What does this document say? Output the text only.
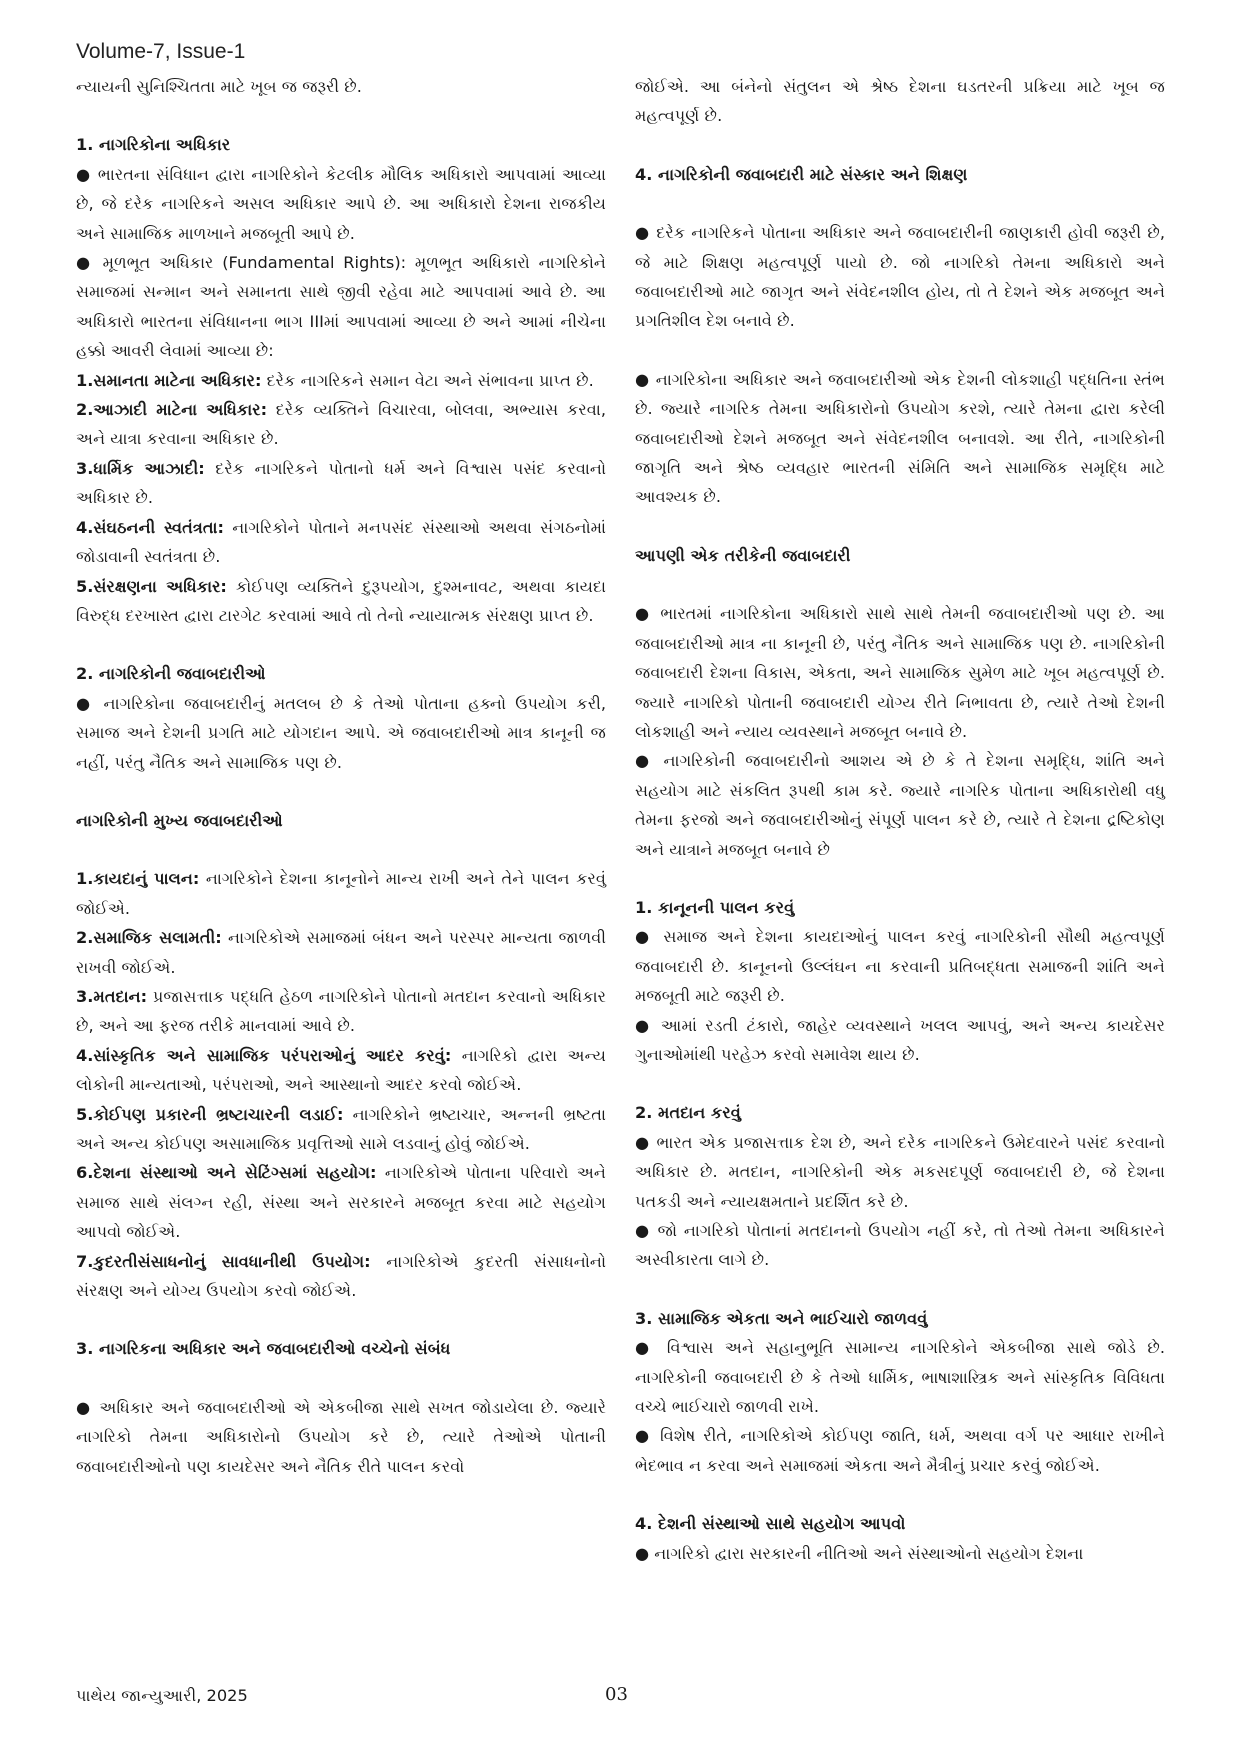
Volume-7, Issue-1

ન્યાયની સુનિશ્ચિતતા માટે ખૂબ જ જરૂરી છે.

1. નાગરિકોના અધિકાર

● ભારતના સંવિધાન દ્વારા નાગરિકોને કેટલીક મૌલિક અધિકારો આપવામાં આવ્યા છે, જે દરેક નાગરિકને અસલ અધિકાર આપે છે. આ અધિકારો દેશના રાજકીય અને સામાજિક માળખાને મજબૂતી આપે છે.

● મૂળભૂત અધિકાર (Fundamental Rights): મૂળભૂત અધિકારો નાગરિકોને સમાજમાં સન્માન અને સમાનતા સાથે જીવી રહેવા માટે આપવામાં આવે છે. આ અધિકારો ભારતના સંવિધાનના ભાગ IIIમાં આપવામાં આવ્યા છે અને આમાં નીચેના હક્કો આવરી લેવામાં આવ્યા છે:

1.સમાનતા માટેના અધિકાર: દરેક નાગરિકને સમાન વેટા અને સંભાવના પ્રાપ્ત છે.

2.આઝાદી માટેના અધિકાર: દરેક વ્યક્તિને વિચારવા, બોલવા, અભ્યાસ કરવા, અને યાત્રા કરવાના અધિકાર છે.

3.ધાર્મિક આઝાદી: દરેક નાગરિકને પોતાનો ધર્મ અને વિશ્વાસ પસંદ કરવાનો અધિકાર છે.

4.સંઘઠનની સ્વતંત્રતા: નાગરિકોને પોતાને મનપસંદ સંસ્થાઓ અથવા સંગઠનોમાં જોડાવાની સ્વતંત્રતા છે.

5.સંરક્ષણના અધિકાર: કોઈપણ વ્યક્તિને દુરૂપયોગ, દુશ્મનાવટ, અથવા કાયદા વિરુદ્ધ દરખાસ્ત દ્વારા ટારગેટ કરવામાં આવે તો તેનો ન્યાયાત્મક સંરક્ષણ પ્રાપ્ત છે.

2. નાગરિકોની જવાબદારીઓ

● નાગરિકોના જવાબદારીનું મતલબ છે કે તેઓ પોતાના હક્નો ઉપયોગ કરી, સમાજ અને દેશની પ્રગતિ માટે યોગદાન આપે. એ જવાબદારીઓ માત્ર કાનૂની જ નહીં, પરંતુ નૈતિક અને સામાજિક પણ છે.

નાગરિકોની મુખ્ય જવાબદારીઓ

1.કાયદાનું પાલન: નાગરિકોને દેશના કાનૂનોને માન્ય રાખી અને તેને પાલન કરવું જોઈએ.

2.સમાજિક સલામતી: નાગરિકોએ સમાજમાં બંધન અને પરસ્પર માન્યતા જાળવી રાખવી જોઈએ.

3.મતદાન: પ્રજાસત્તાક પદ્ધતિ હેઠળ નાગરિકોને પોતાનો મતદાન કરવાનો અધિકાર છે, અને આ ફરજ તરીકે માનવામાં આવે છે.

4.સાંસ્કૃતિક અને સામાજિક પરંપરાઓનું આદર કરવું: નાગરિકો દ્વારા અન્ય લોકોની માન્યતાઓ, પરંપરાઓ, અને આસ્થાનો આદર કરવો જોઈએ.

5.કોઈપણ પ્રકારની ભ્રષ્ટાચારની લડાઈ: નાગરિકોને ભ્રષ્ટાચાર, અન્નની ભ્રષ્ટતા અને અન્ય કોઈપણ અસામાજિક પ્રવૃત્તિઓ સામે લડવાનું હોવું જોઈએ.

6.દેશના સંસ્થાઓ અને સેટિંગ્સમાં સહયોગ: નાગરિકોએ પોતાના પરિવારો અને સમાજ સાથે સંલગ્ન રહી, સંસ્થા અને સરકારને મજબૂત કરવા માટે સહયોગ આપવો જોઈએ.

7.કુદરતીસંસાધનોનું સાવધાનીથી ઉપયોગ: નાગરિકોએ કુદરતી સંસાધનોનો સંરક્ષણ અને યોગ્ય ઉપયોગ કરવો જોઈએ.

3. નાગરિકના અધિકાર અને જવાબદારીઓ વચ્ચેનો સંબંધ

● અધિકાર અને જવાબદારીઓ એ એકબીજા સાથે સખત જોડાયેલા છે. જ્યારે નાગરિકો તેમના અધિકારોનો ઉપયોગ કરે છે, ત્યારે તેઓએ પોતાની જવાબદારીઓનો પણ કાયદેસર અને નૈતિક રીતે પાલન કરવો

જોઈએ. આ બંનેનો સંતુલન એ શ્રેષ્ઠ દેશના ઘડતરની પ્રક્રિયા માટે ખૂબ જ મહત્વપૂર્ણ છે.

4. નાગરિકોની જવાબદારી માટે સંસ્કાર અને શિક્ષણ

● દરેક નાગરિકને પોતાના અધિકાર અને જવાબદારીની જાણકારી હોવી જરૂરી છે, જે માટે શિક્ષણ મહત્વપૂર્ણ પાયો છે. જો નાગરિકો તેમના અધિકારો અને જવાબદારીઓ માટે જાગૃત અને સંવેદનશીલ હોય, તો તે દેશને એક મજબૂત અને પ્રગતિશીલ દેશ બનાવે છે.

● નાગરિકોના અધિકાર અને જવાબદારીઓ એક દેશની લોકશાહી પદ્ધતિના સ્તંભ છે. જ્યારે નાગરિક તેમના અધિકારોનો ઉપયોગ કરશે, ત્યારે તેમના દ્વારા કરેલી જવાબદારીઓ દેશને મજબૂત અને સંવેદનશીલ બનાવશે. આ રીતે, નાગરિકોની જાગૃતિ અને શ્રેષ્ઠ વ્યવહાર ભારતની સંમિતિ અને સામાજિક સમૃદ્ધિ માટે આવશ્યક છે.

આપણી એક તરીકેની જવાબદારી

● ભારતમાં નાગરિકોના અધિકારો સાથે સાથે તેમની જવાબદારીઓ પણ છે. આ જવાબદારીઓ માત્ર ના કાનૂની છે, પરંતુ નૈતિક અને સામાજિક પણ છે. નાગરિકોની જવાબદારી દેશના વિકાસ, એકતા, અને સામાજિક સુમેળ માટે ખૂબ મહત્વપૂર્ણ છે. જ્યારે નાગરિકો પોતાની જવાબદારી યોગ્ય રીતે નિભાવતા છે, ત્યારે તેઓ દેશની લોકશાહી અને ન્યાય વ્યવસ્થાને મજબૂત બનાવે છે.

● નાગરિકોની જવાબદારીનો આશય એ છે કે તે દેશના સમૃદ્ધિ, શાંતિ અને સહયોગ માટે સંકલિત રૂપથી કામ કરે. જ્યારે નાગરિક પોતાના અધિકારોથી વધુ તેમના ફરજો અને જવાબદારીઓનું સંપૂર્ણ પાલન કરે છે, ત્યારે તે દેશના દ્રષ્ટિકોણ અને યાત્રાને મજબૂત બનાવે છે

1. કાનૂનની પાલન કરવું

● સમાજ અને દેશના કાયદાઓનું પાલન કરવું નાગરિકોની સૌથી મહત્વપૂર્ણ જવાબદારી છે. કાનૂનનો ઉલ્લંઘન ના કરવાની પ્રતિબદ્ધતા સમાજની શાંતિ અને મજબૂતી માટે જરૂરી છે.

● આમાં રડતી ટંકારો, જાહેર વ્યવસ્થાને ખલલ આપવું, અને અન્ય કાયદેસર ગુનાઓમાંથી પરહેઝ કરવો સમાવેશ થાય છે.

2. મતદાન કરવું

● ભારત એક પ્રજાસત્તાક દેશ છે, અને દરેક નાગરિકને ઉમેદવારને પસંદ કરવાનો અધિકાર છે. મતદાન, નાગરિકોની એક મકસદપૂર્ણ જવાબદારી છે, જે દેશના પતકડી અને ન્યાયક્ષમતાને પ્રદર્શિત કરે છે.

● જો નાગરિકો પોતાનાં મતદાનનો ઉપયોગ નહીં કરે, તો તેઓ તેમના અધિકારને અસ્વીકારતા લાગે છે.

3. સામાજિક એકતા અને ભાઈચારો જાળવવું

● વિશ્વાસ અને સહાનુભૂતિ સામાન્ય નાગરિકોને એકબીજા સાથે જોડે છે. નાગરિકોની જવાબદારી છે કે તેઓ ધાર્મિક, ભાષાશાસ્ત્રિક અને સાંસ્કૃતિક વિવિધતા વચ્ચે ભાઈચારો જાળવી રાખે.

● વિશેષ રીતે, નાગરિકોએ કોઈપણ જાતિ, ધર્મ, અથવા વર્ગ પર આધાર રાખીને ભેદભાવ ન કરવા અને સમાજમાં એકતા અને મૈત્રીનું પ્રચાર કરવું જોઈએ.

4. દેશની સંસ્થાઓ સાથે સહયોગ આપવો

● નાગરિકો દ્વારા સરકારની નીતિઓ અને સંસ્થાઓનો સહયોગ દેશના

પાથેય જાન્યુઆરી, 2025	03
